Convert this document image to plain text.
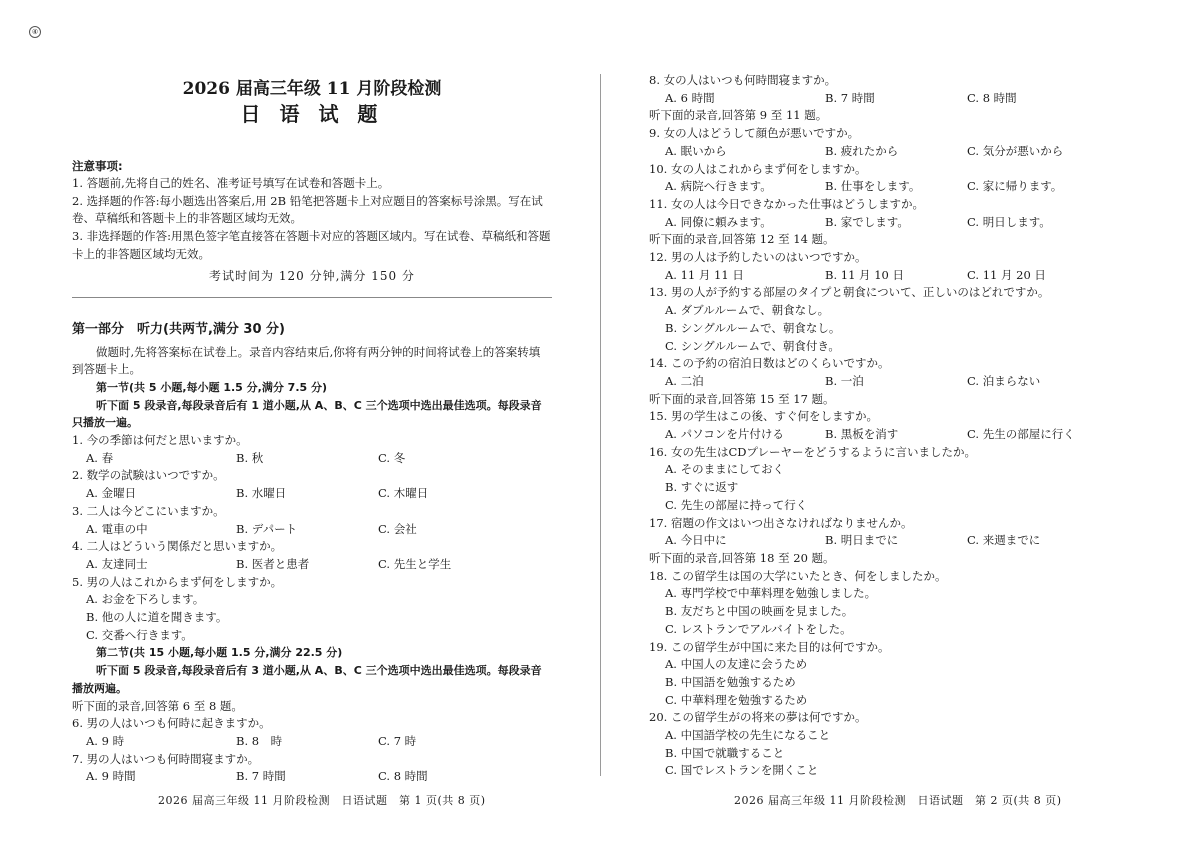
④
2026 届高三年级 11 月阶段检测
日 语 试 题
注意事项:
1. 答题前,先将自己的姓名、准考证号填写在试卷和答题卡上。
2. 选择题的作答:每小题选出答案后,用 2B 铅笔把答题卡上对应题目的答案标号涂黑。写在试
卷、草稿纸和答题卡上的非答题区域均无效。
3. 非选择题的作答:用黑色签字笔直接答在答题卡对应的答题区域内。写在试卷、草稿纸和答题
卡上的非答题区域均无效。
考试时间为 120 分钟,满分 150 分
第一部分　听力(共两节,满分 30 分)
做题时,先将答案标在试卷上。录音内容结束后,你将有两分钟的时间将试卷上的答案转填
到答题卡上。
第一节(共 5 小题,每小题 1.5 分,满分 7.5 分)
听下面 5 段录音,每段录音后有 1 道小题,从 A、B、C 三个选项中选出最佳选项。每段录音
只播放一遍。
1. 今の季節は何だと思いますか。
A. 春	B. 秋	C. 冬
2. 数学の試験はいつですか。
A. 金曜日	B. 水曜日	C. 木曜日
3. 二人は今どこにいますか。
A. 電車の中	B. デパート	C. 会社
4. 二人はどういう関係だと思いますか。
A. 友達同士	B. 医者と患者	C. 先生と学生
5. 男の人はこれからまず何をしますか。
A. お金を下ろします。
B. 他の人に道を聞きます。
C. 交番へ行きます。
第二节(共 15 小题,每小题 1.5 分,满分 22.5 分)
听下面 5 段录音,每段录音后有 3 道小题,从 A、B、C 三个选项中选出最佳选项。每段录音
播放两遍。
听下面的录音,回答第 6 至 8 题。
6. 男の人はいつも何時に起きますか。
A. 9 時	B. 8　時	C. 7 時
7. 男の人はいつも何時間寝ますか。
A. 9 時間	B. 7 時間	C. 8 時間
8. 女の人はいつも何時間寝ますか。
A. 6 時間	B. 7 時間	C. 8 時間
听下面的录音,回答第 9 至 11 题。
9. 女の人はどうして顔色が悪いですか。
A. 眠いから	B. 疲れたから	C. 気分が悪いから
10. 女の人はこれからまず何をしますか。
A. 病院へ行きます。	B. 仕事をします。	C. 家に帰ります。
11. 女の人は今日できなかった仕事はどうしますか。
A. 同僚に頼みます。	B. 家でします。	C. 明日します。
听下面的录音,回答第 12 至 14 题。
12. 男の人は予約したいのはいつですか。
A. 11 月 11 日	B. 11 月 10 日	C. 11 月 20 日
13. 男の人が予約する部屋のタイプと朝食について、正しいのはどれですか。
A. ダブルルームで、朝食なし。
B. シングルルームで、朝食なし。
C. シングルルームで、朝食付き。
14. この予約の宿泊日数はどのくらいですか。
A. 二泊	B. 一泊	C. 泊まらない
听下面的录音,回答第 15 至 17 题。
15. 男の学生はこの後、すぐ何をしますか。
A. パソコンを片付ける	B. 黒板を消す	C. 先生の部屋に行く
16. 女の先生はCDプレーヤーをどうするように言いましたか。
A. そのままにしておく
B. すぐに返す
C. 先生の部屋に持って行く
17. 宿題の作文はいつ出さなければなりませんか。
A. 今日中に	B. 明日までに	C. 来週までに
听下面的录音,回答第 18 至 20 题。
18. この留学生は国の大学にいたとき、何をしましたか。
A. 専門学校で中華料理を勉強しました。
B. 友だちと中国の映画を見ました。
C. レストランでアルバイトをした。
19. この留学生が中国に来た目的は何ですか。
A. 中国人の友達に会うため
B. 中国語を勉強するため
C. 中華料理を勉強するため
20. この留学生がの将来の夢は何ですか。
A. 中国語学校の先生になること
B. 中国で就職すること
C. 国でレストランを開くこと
2026 届高三年级 11 月阶段检测　日语试题　第 1 页(共 8 页)	2026 届高三年级 11 月阶段检测　日语试题　第 2 页(共 8 页)
